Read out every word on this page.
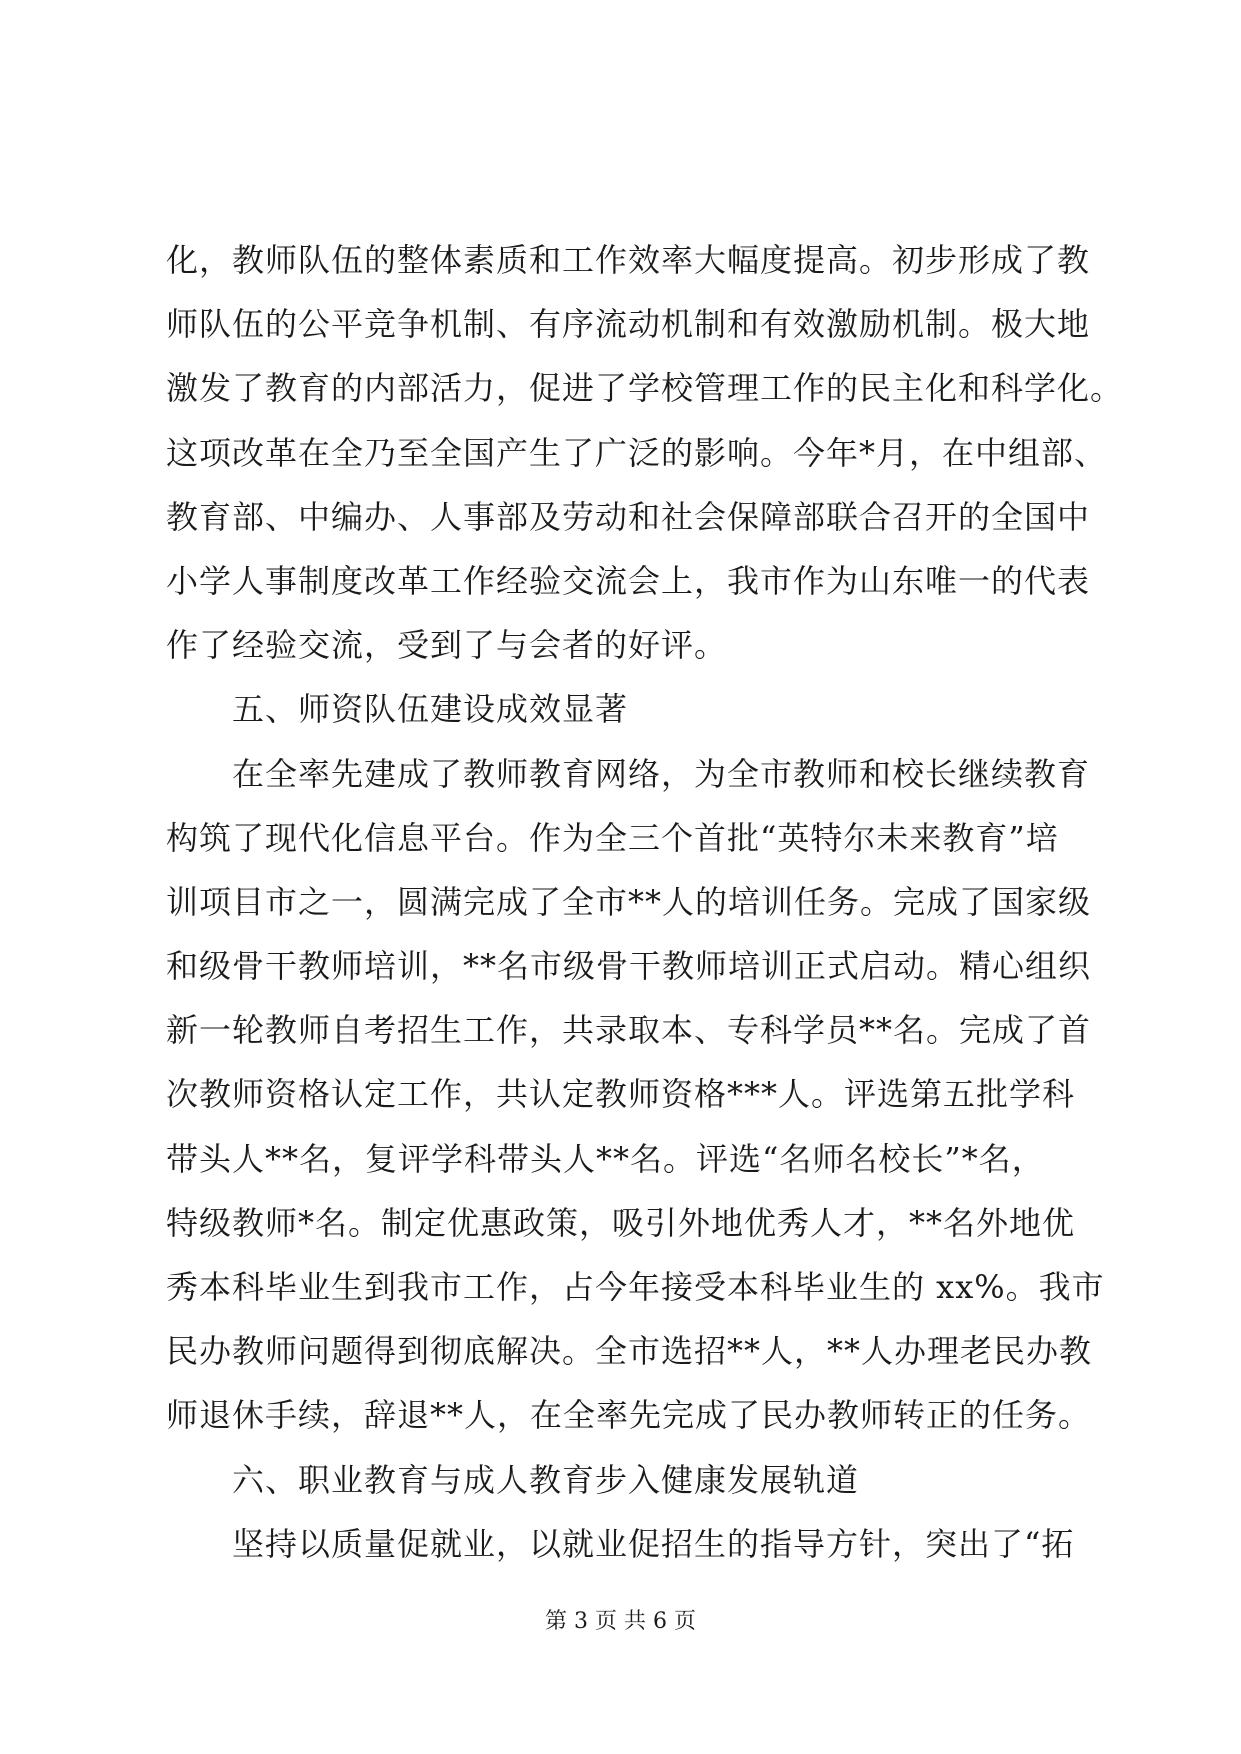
化，教师队伍的整体素质和工作效率大幅度提高。初步形成了教
师队伍的公平竞争机制、有序流动机制和有效激励机制。极大地
激发了教育的内部活力，促进了学校管理工作的民主化和科学化。
这项改革在全乃至全国产生了广泛的影响。今年*月，在中组部、
教育部、中编办、人事部及劳动和社会保障部联合召开的全国中
小学人事制度改革工作经验交流会上，我市作为山东唯一的代表
作了经验交流，受到了与会者的好评。
五、师资队伍建设成效显著
在全率先建成了教师教育网络，为全市教师和校长继续教育
构筑了现代化信息平台。作为全三个首批“英特尔未来教育”培
训项目市之一，圆满完成了全市**人的培训任务。完成了国家级
和级骨干教师培训，**名市级骨干教师培训正式启动。精心组织
新一轮教师自考招生工作，共录取本、专科学员**名。完成了首
次教师资格认定工作，共认定教师资格***人。评选第五批学科
带头人**名，复评学科带头人**名。评选“名师名校长”*名，
特级教师*名。制定优惠政策，吸引外地优秀人才，**名外地优
秀本科毕业生到我市工作，占今年接受本科毕业生的 xx%。我市
民办教师问题得到彻底解决。全市选招**人，**人办理老民办教
师退休手续，辞退**人，在全率先完成了民办教师转正的任务。
六、职业教育与成人教育步入健康发展轨道
坚持以质量促就业，以就业促招生的指导方针，突出了“拓
第 3 页 共 6 页
